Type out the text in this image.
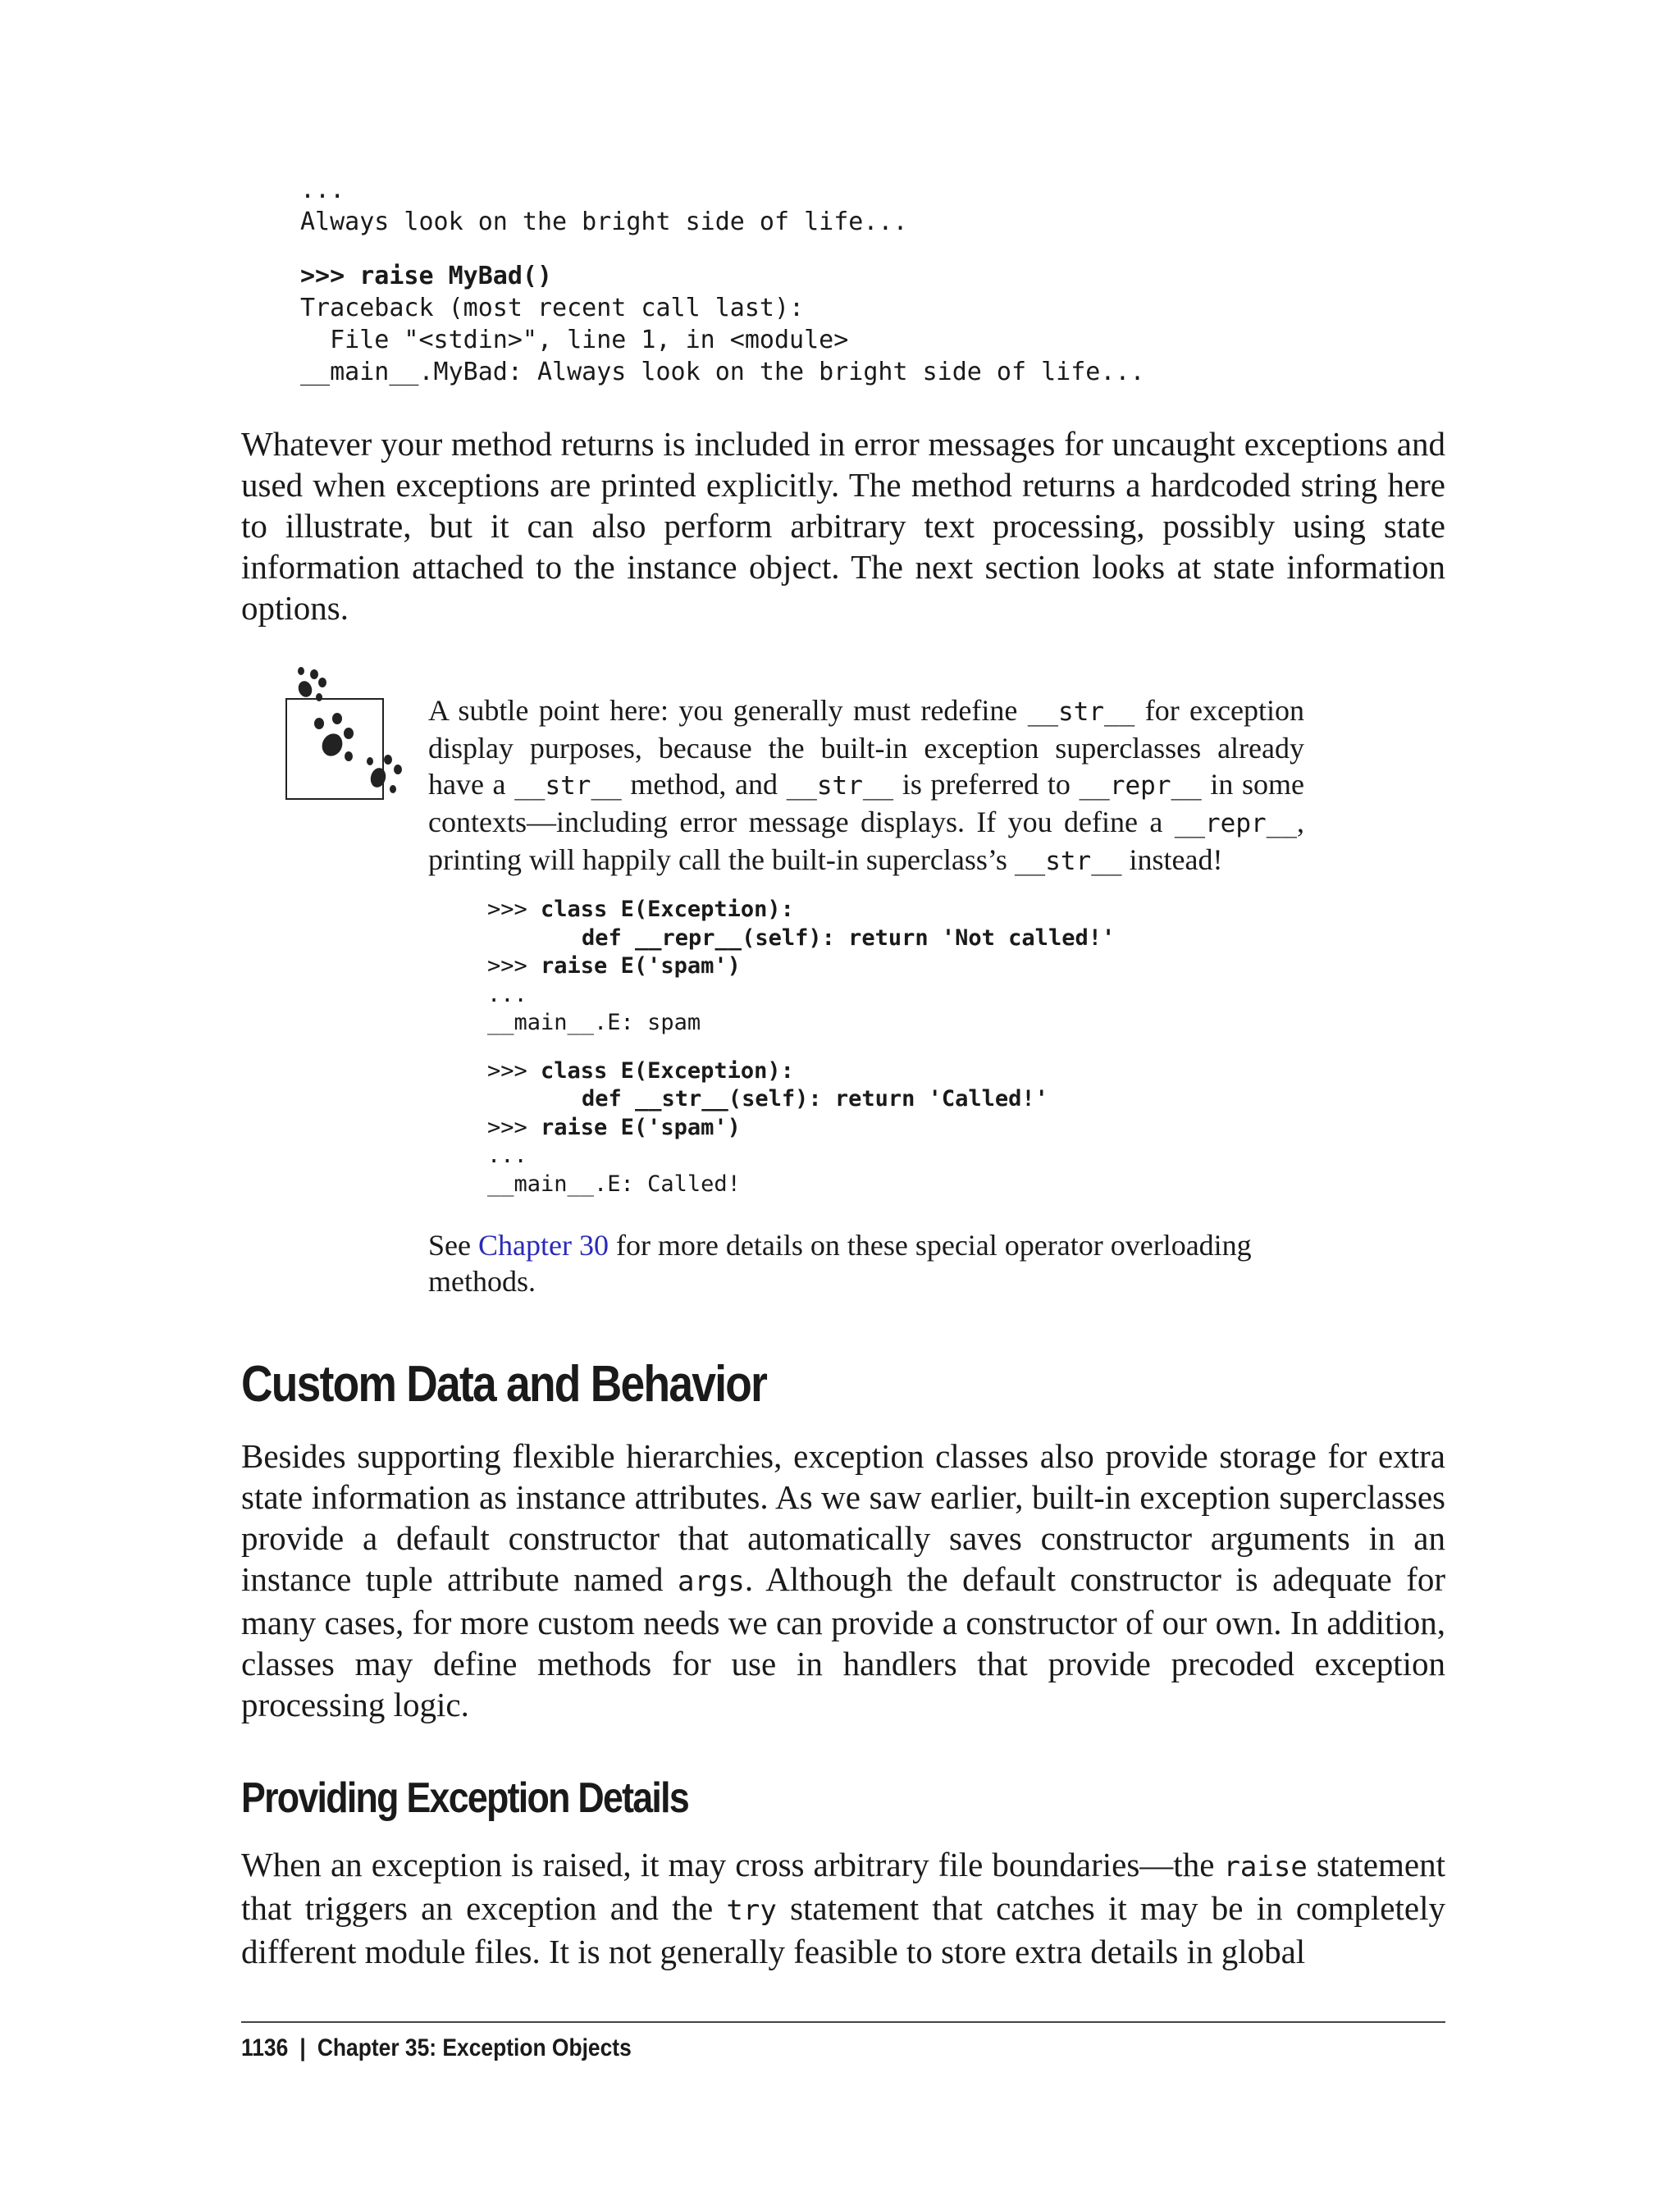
...
Always look on the bright side of life...
>>> raise MyBad()
Traceback (most recent call last):
File "<stdin>", line 1, in <module>
__main__.MyBad: Always look on the bright side of life...

Whatever your method returns is included in error messages for uncaught exceptions and used when exceptions are printed explicitly. The method returns a hardcoded string here to illustrate, but it can also perform arbitrary text processing, possibly using state information attached to the instance object. The next section looks at state information options.

A subtle point here: you generally must redefine __str__ for exception display purposes, because the built-in exception superclasses already have a __str__ method, and __str__ is preferred to __repr__ in some contexts—including error message displays. If you define a __repr__, printing will happily call the built-in superclass’s __str__ instead!

>>> class E(Exception):
def __repr__(self): return 'Not called!'
>>> raise E('spam')
...
__main__.E: spam
>>> class E(Exception):
def __str__(self): return 'Called!'
>>> raise E('spam')
...
__main__.E: Called!

See Chapter 30 for more details on these special operator overloading methods.

Custom Data and Behavior

Besides supporting flexible hierarchies, exception classes also provide storage for extra state information as instance attributes. As we saw earlier, built-in exception superclasses provide a default constructor that automatically saves constructor arguments in an instance tuple attribute named args. Although the default constructor is adequate for many cases, for more custom needs we can provide a constructor of our own. In addition, classes may define methods for use in handlers that provide precoded exception processing logic.

Providing Exception Details

When an exception is raised, it may cross arbitrary file boundaries—the raise statement that triggers an exception and the try statement that catches it may be in completely different module files. It is not generally feasible to store extra details in global

1136 | Chapter 35: Exception Objects
